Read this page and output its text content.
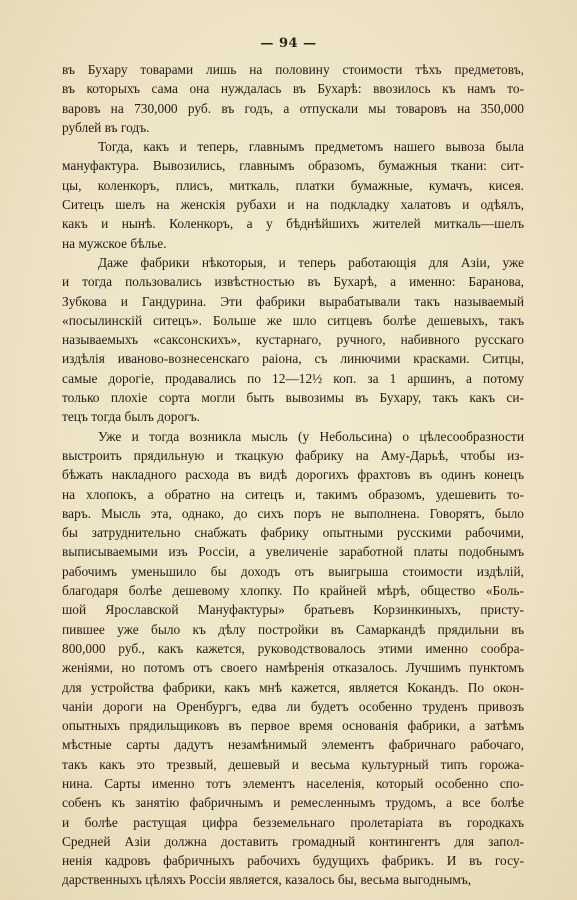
— 94 —
въ Бухару товарами лишь на половину стоимости тѣхъ предметовъ,
въ которыхъ сама она нуждалась въ Бухарѣ: ввозилось къ намъ то-
варовъ на 730,000 руб. въ годъ, а отпускали мы товаровъ на 350,000
рублей въ годъ.
Тогда, какъ и теперь, главнымъ предметомъ нашего вывоза была
мануфактура. Вывозились, главнымъ образомъ, бумажныя ткани: сит-
цы, коленкоръ, плисъ, миткаль, платки бумажные, кумачъ, кисея.
Ситецъ шелъ на женскія рубахи и на подкладку халатовъ и одѣялъ,
какъ и нынѣ. Коленкоръ, а у бѣднѣйшихъ жителей миткаль—шелъ
на мужское бѣлье.
Даже фабрики нѣкоторыя, и теперь работающія для Азіи, уже
и тогда пользовались извѣстностью въ Бухарѣ, а именно: Баранова,
Зубкова и Гандурина. Эти фабрики вырабатывали такъ называемый
«посылинскій ситецъ». Больше же шло ситцевъ болѣе дешевыхъ, такъ
называемыхъ «саксонскихъ», кустарнаго, ручного, набивного русскаго
издѣлія иваново-вознесенскаго раіона, съ линючими красками. Ситцы,
самые дорогіе, продавались по 12—12½ коп. за 1 аршинъ, а потому
только плохіе сорта могли быть вывозимы въ Бухару, такъ какъ си-
тецъ тогда былъ дорогъ.
Уже и тогда возникла мысль (у Небольсина) о цѣлесообразности
выстроить прядильную и ткацкую фабрику на Аму-Дарьѣ, чтобы из-
бѣжать накладного расхода въ видѣ дорогихъ фрахтовъ въ одинъ конецъ
на хлопокъ, а обратно на ситецъ и, такимъ образомъ, удешевить то-
варъ. Мысль эта, однако, до сихъ поръ не выполнена. Говорятъ, было
бы затруднительно снабжать фабрику опытными русскими рабочими,
выписываемыми изъ Россіи, а увеличеніе заработной платы подобнымъ
рабочимъ уменьшило бы доходъ отъ выигрыша стоимости издѣлій,
благодаря болѣе дешевому хлопку. По крайней мѣрѣ, общество «Боль-
шой Ярославской Мануфактуры» братьевъ Корзинкиныхъ, присту-
пившее уже было къ дѣлу постройки въ Самаркандѣ прядильни въ
800,000 руб., какъ кажется, руководствовалось этими именно сообра-
женіями, но потомъ отъ своего намѣренія отказалось. Лучшимъ пунктомъ
для устройства фабрики, какъ мнѣ кажется, является Кокандъ. По окон-
чаніи дороги на Оренбургъ, едва ли будетъ особенно труденъ привозъ
опытныхъ прядильщиковъ въ первое время основанія фабрики, а затѣмъ
мѣстные сарты дадутъ незамѣнимый элементъ фабричнаго рабочаго,
такъ какъ это трезвый, дешевый и весьма культурный типъ горожа-
нина. Сарты именно тотъ элементъ населенія, который особенно спо-
собенъ къ занятію фабричнымъ и ремесленнымъ трудомъ, а все болѣе
и болѣе растущая цифра безземельнаго пролетаріата въ городкахъ
Средней Азіи должна доставить громадный контингентъ для запол-
ненія кадровъ фабричныхъ рабочихъ будущихъ фабрикъ. И въ госу-
дарственныхъ цѣляхъ Россіи является, казалось бы, весьма выгоднымъ,
